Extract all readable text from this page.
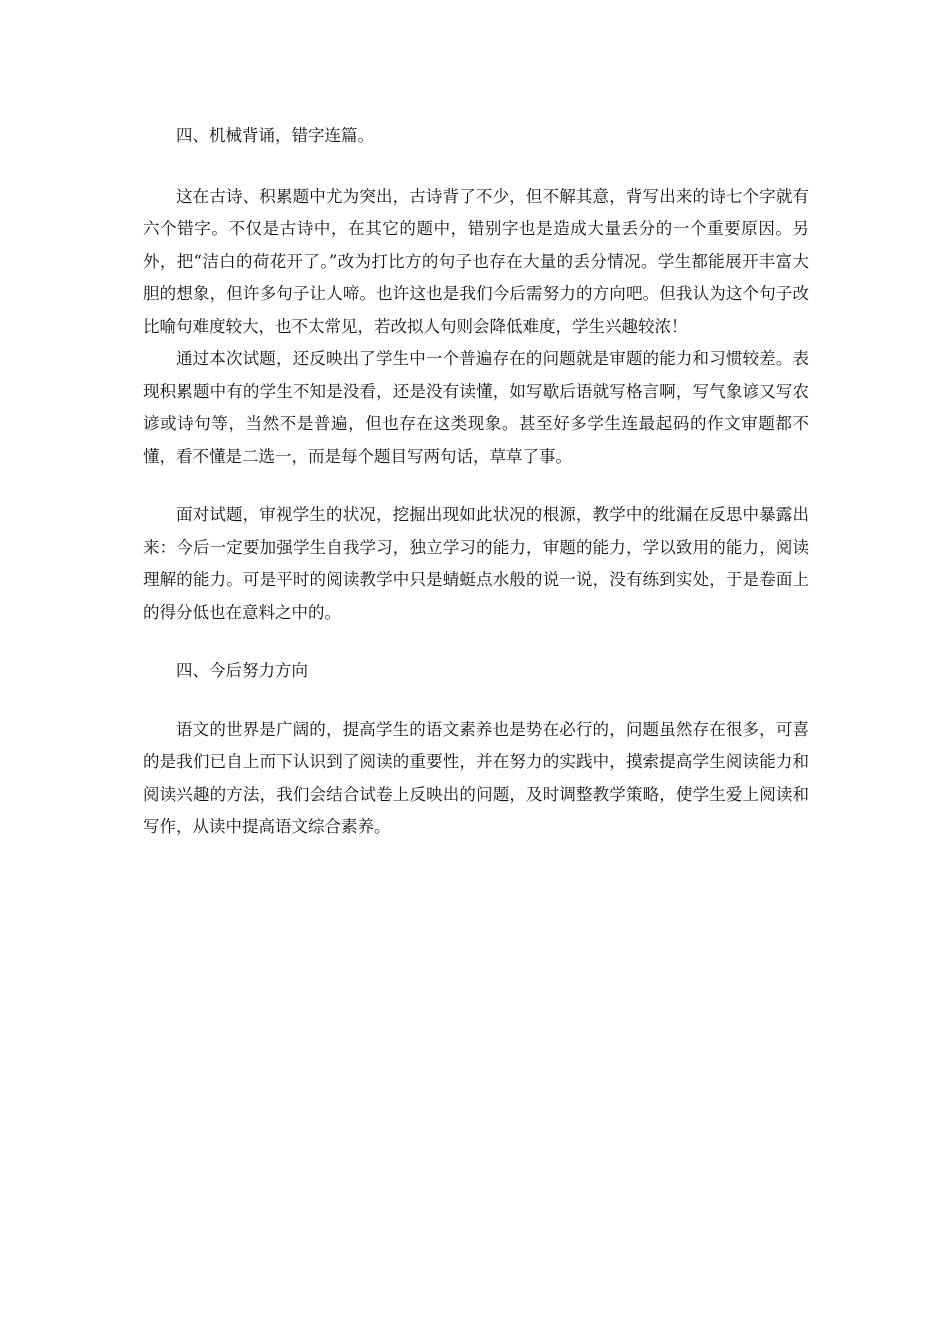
四、机械背诵，错字连篇。

这在古诗、积累题中尤为突出，古诗背了不少，但不解其意，背写出来的诗七个字就有六个错字。不仅是古诗中，在其它的题中，错别字也是造成大量丢分的一个重要原因。另外，把“洁白的荷花开了。”改为打比方的句子也存在大量的丢分情况。学生都能展开丰富大胆的想象，但许多句子让人啼。也许这也是我们今后需努力的方向吧。但我认为这个句子改比喻句难度较大，也不太常见，若改拟人句则会降低难度，学生兴趣较浓！

通过本次试题，还反映出了学生中一个普遍存在的问题就是审题的能力和习惯较差。表现积累题中有的学生不知是没看，还是没有读懂，如写歇后语就写格言啊，写气象谚又写农谚或诗句等，当然不是普遍，但也存在这类现象。甚至好多学生连最起码的作文审题都不懂，看不懂是二选一，而是每个题目写两句话，草草了事。

面对试题，审视学生的状况，挖掘出现如此状况的根源，教学中的纰漏在反思中暴露出来：今后一定要加强学生自我学习，独立学习的能力，审题的能力，学以致用的能力，阅读理解的能力。可是平时的阅读教学中只是蜻蜓点水般的说一说，没有练到实处，于是卷面上的得分低也在意料之中的。

四、今后努力方向

语文的世界是广阔的，提高学生的语文素养也是势在必行的，问题虽然存在很多，可喜的是我们已自上而下认识到了阅读的重要性，并在努力的实践中，摸索提高学生阅读能力和阅读兴趣的方法，我们会结合试卷上反映出的问题，及时调整教学策略，使学生爱上阅读和写作，从读中提高语文综合素养。
